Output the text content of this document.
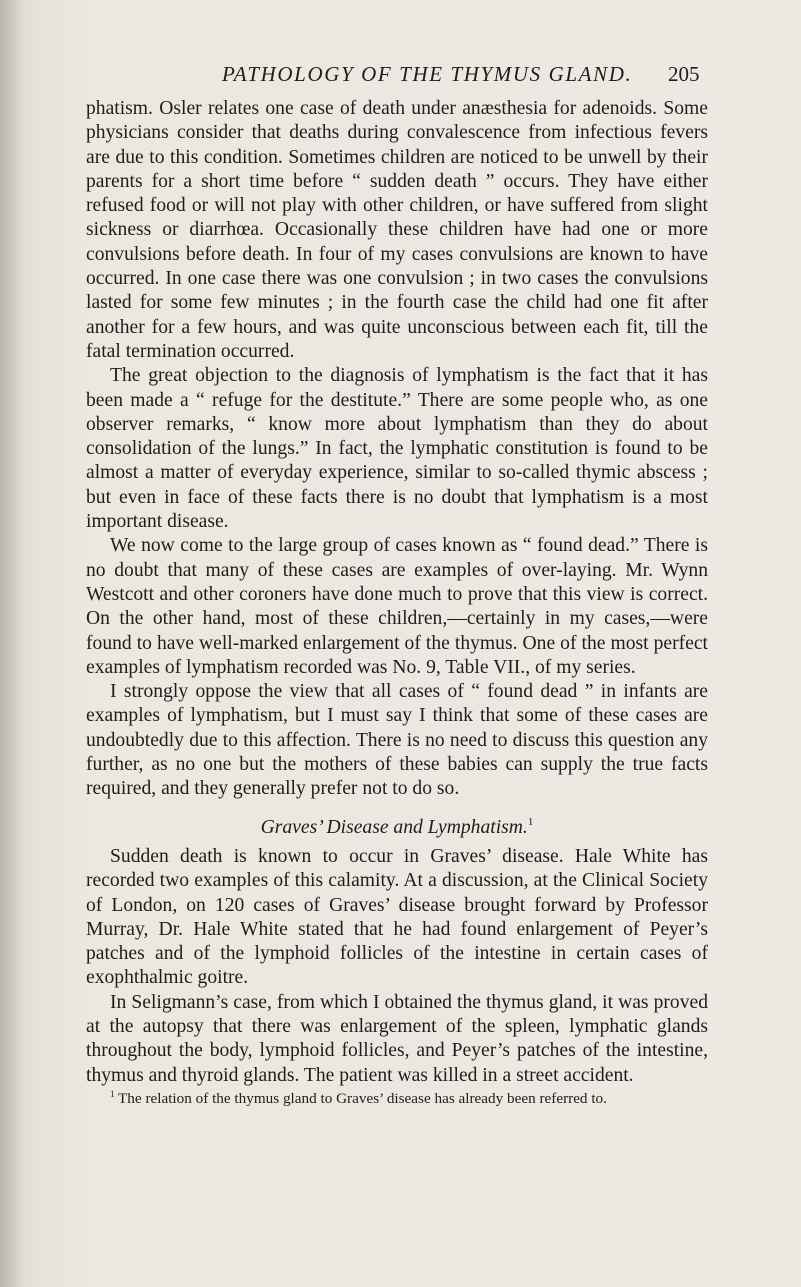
PATHOLOGY OF THE THYMUS GLAND. 205

phatism. Osler relates one case of death under anæsthesia for adenoids. Some physicians consider that deaths during convalescence from infectious fevers are due to this condition. Sometimes children are noticed to be unwell by their parents for a short time before “ sudden death ” occurs. They have either refused food or will not play with other children, or have suffered from slight sickness or diarrhœa. Occasionally these children have had one or more convulsions before death. In four of my cases convulsions are known to have occurred. In one case there was one convulsion ; in two cases the convulsions lasted for some few minutes ; in the fourth case the child had one fit after another for a few hours, and was quite unconscious between each fit, till the fatal termination occurred.

The great objection to the diagnosis of lymphatism is the fact that it has been made a “ refuge for the destitute.” There are some people who, as one observer remarks, “ know more about lymphatism than they do about consolidation of the lungs.” In fact, the lymphatic constitution is found to be almost a matter of everyday experience, similar to so-called thymic abscess ; but even in face of these facts there is no doubt that lymphatism is a most important disease.

We now come to the large group of cases known as “ found dead.” There is no doubt that many of these cases are examples of over-laying. Mr. Wynn Westcott and other coroners have done much to prove that this view is correct. On the other hand, most of these children,—certainly in my cases,—were found to have well-marked enlargement of the thymus. One of the most perfect examples of lymphatism recorded was No. 9, Table VII., of my series.

I strongly oppose the view that all cases of “ found dead ” in infants are examples of lymphatism, but I must say I think that some of these cases are undoubtedly due to this affection. There is no need to discuss this question any further, as no one but the mothers of these babies can supply the true facts required, and they generally prefer not to do so.

Graves’ Disease and Lymphatism.$^1$

Sudden death is known to occur in Graves’ disease. Hale White has recorded two examples of this calamity. At a discussion, at the Clinical Society of London, on 120 cases of Graves’ disease brought forward by Professor Murray, Dr. Hale White stated that he had found enlargement of Peyer’s patches and of the lymphoid follicles of the intestine in certain cases of exophthalmic goitre.

In Seligmann’s case, from which I obtained the thymus gland, it was proved at the autopsy that there was enlargement of the spleen, lymphatic glands throughout the body, lymphoid follicles, and Peyer’s patches of the intestine, thymus and thyroid glands. The patient was killed in a street accident.

$^1$ The relation of the thymus gland to Graves’ disease has already been referred to.
